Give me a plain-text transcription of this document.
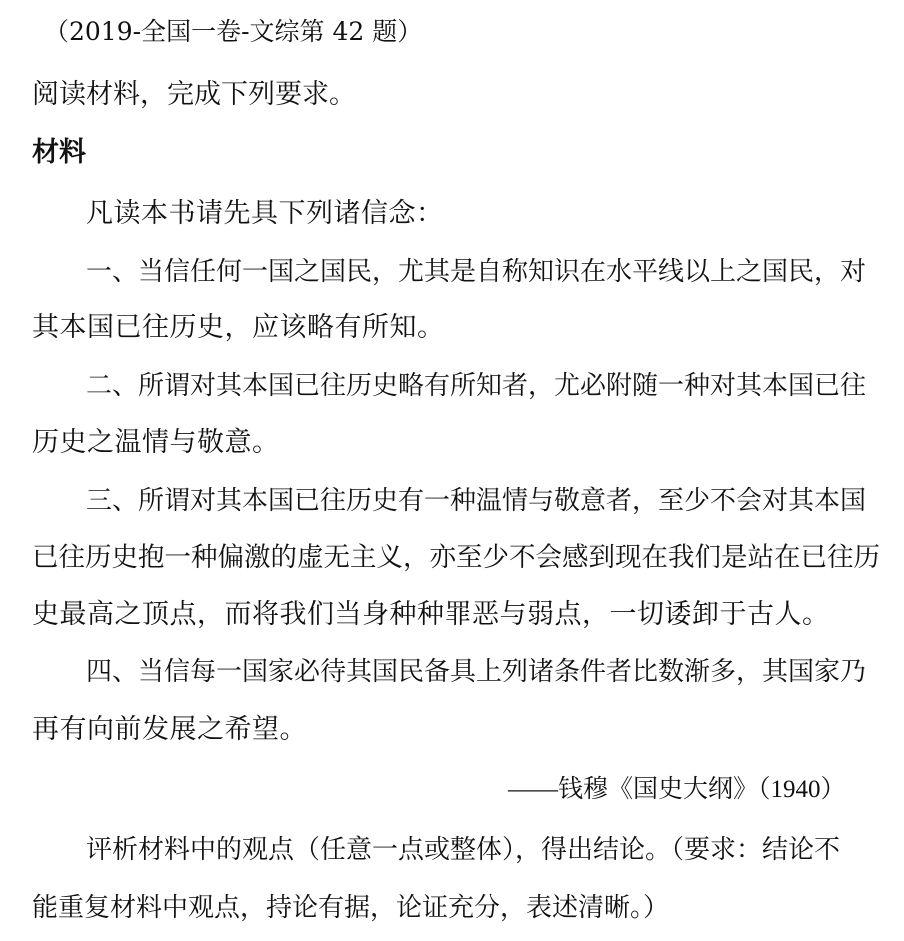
（2019-全国一卷-文综第 42 题）
阅读材料，完成下列要求。
材料
凡读本书请先具下列诸信念：
一、当信任何一国之国民，尤其是自称知识在水平线以上之国民，对
其本国已往历史，应该略有所知。
二、所谓对其本国已往历史略有所知者，尤必附随一种对其本国已往
历史之温情与敬意。
三、所谓对其本国已往历史有一种温情与敬意者，至少不会对其本国
已往历史抱一种偏激的虚无主义，亦至少不会感到现在我们是站在已往历
史最高之顶点，而将我们当身种种罪恶与弱点，一切诿卸于古人。
四、当信每一国家必待其国民备具上列诸条件者比数渐多，其国家乃
再有向前发展之希望。
——钱穆《国史大纲》（1940）
评析材料中的观点（任意一点或整体），得出结论。（要求：结论不
能重复材料中观点，持论有据，论证充分，表述清晰。）
